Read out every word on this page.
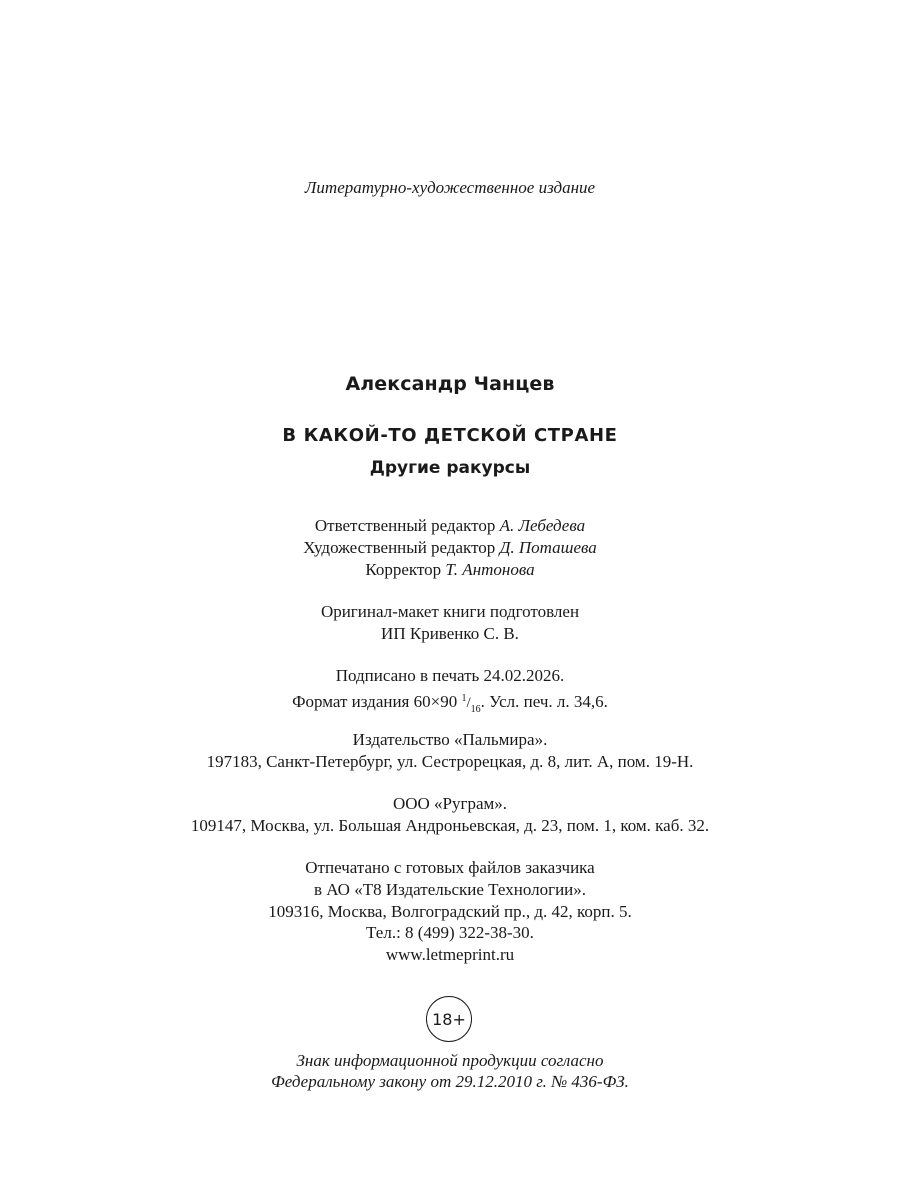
Литературно-художественное издание
Александр Чанцев
В КАКОЙ-ТО ДЕТСКОЙ СТРАНЕ
Другие ракурсы
Ответственный редактор А. Лебедева
Художественный редактор Д. Поташева
Корректор Т. Антонова
Оригинал-макет книги подготовлен
ИП Кривенко С. В.
Подписано в печать 24.02.2026.
Формат издания 60×90 $^1/_{16}$. Усл. печ. л. 34,6.
Издательство «Пальмира».
197183, Санкт-Петербург, ул. Сестрорецкая, д. 8, лит. А, пом. 19-Н.
ООО «Руграм».
109147, Москва, ул. Большая Андроньевская, д. 23, пом. 1, ком. каб. 32.
Отпечатано с готовых файлов заказчика
в АО «Т8 Издательские Технологии».
109316, Москва, Волгоградский пр., д. 42, корп. 5.
Тел.: 8 (499) 322-38-30.
www.letmeprint.ru
18+
Знак информационной продукции согласно
Федеральному закону от 29.12.2010 г. № 436-ФЗ.
